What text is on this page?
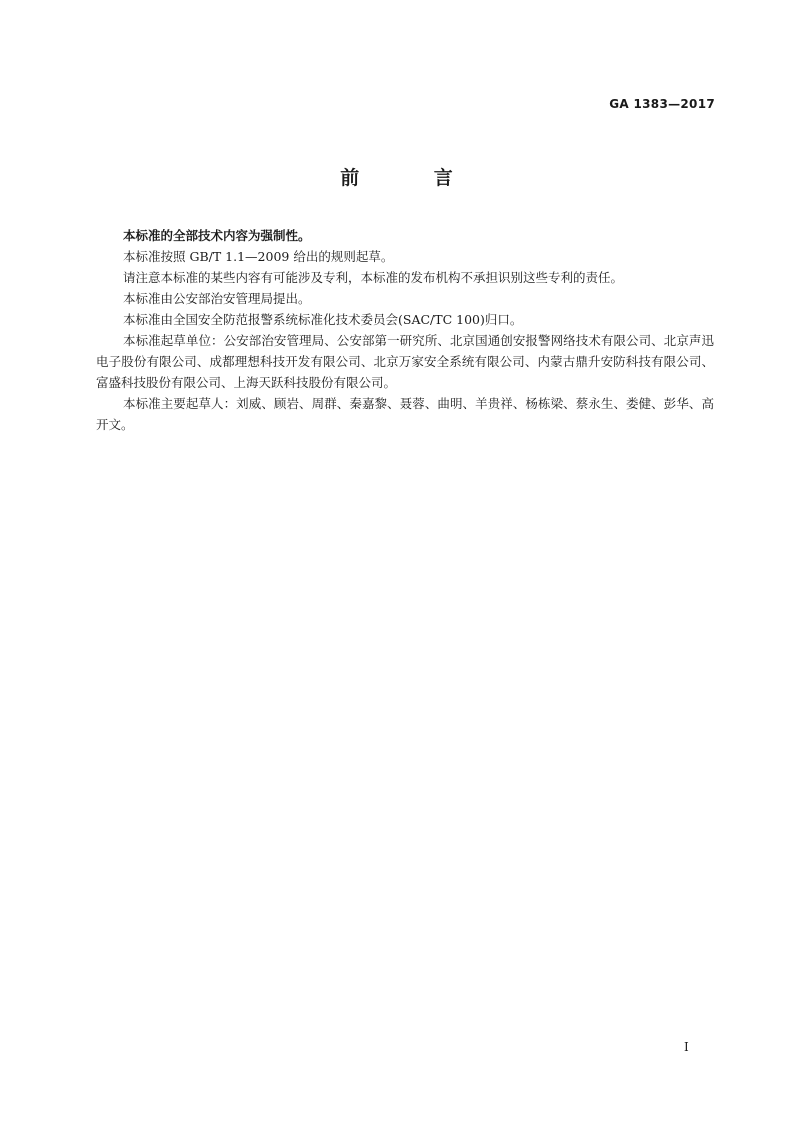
GA 1383—2017
前 言

本标准的全部技术内容为强制性。

本标准按照 GB/T 1.1—2009 给出的规则起草。

请注意本标准的某些内容有可能涉及专利，本标准的发布机构不承担识别这些专利的责任。

本标准由公安部治安管理局提出。

本标准由全国安全防范报警系统标准化技术委员会(SAC/TC 100)归口。

本标准起草单位：公安部治安管理局、公安部第一研究所、北京国通创安报警网络技术有限公司、北京声迅电子股份有限公司、成都理想科技开发有限公司、北京万家安全系统有限公司、内蒙古鼎升安防科技有限公司、富盛科技股份有限公司、上海天跃科技股份有限公司。

本标准主要起草人：刘威、顾岩、周群、秦嘉黎、聂蓉、曲明、羊贵祥、杨栋梁、蔡永生、娄健、彭华、高开文。

I
